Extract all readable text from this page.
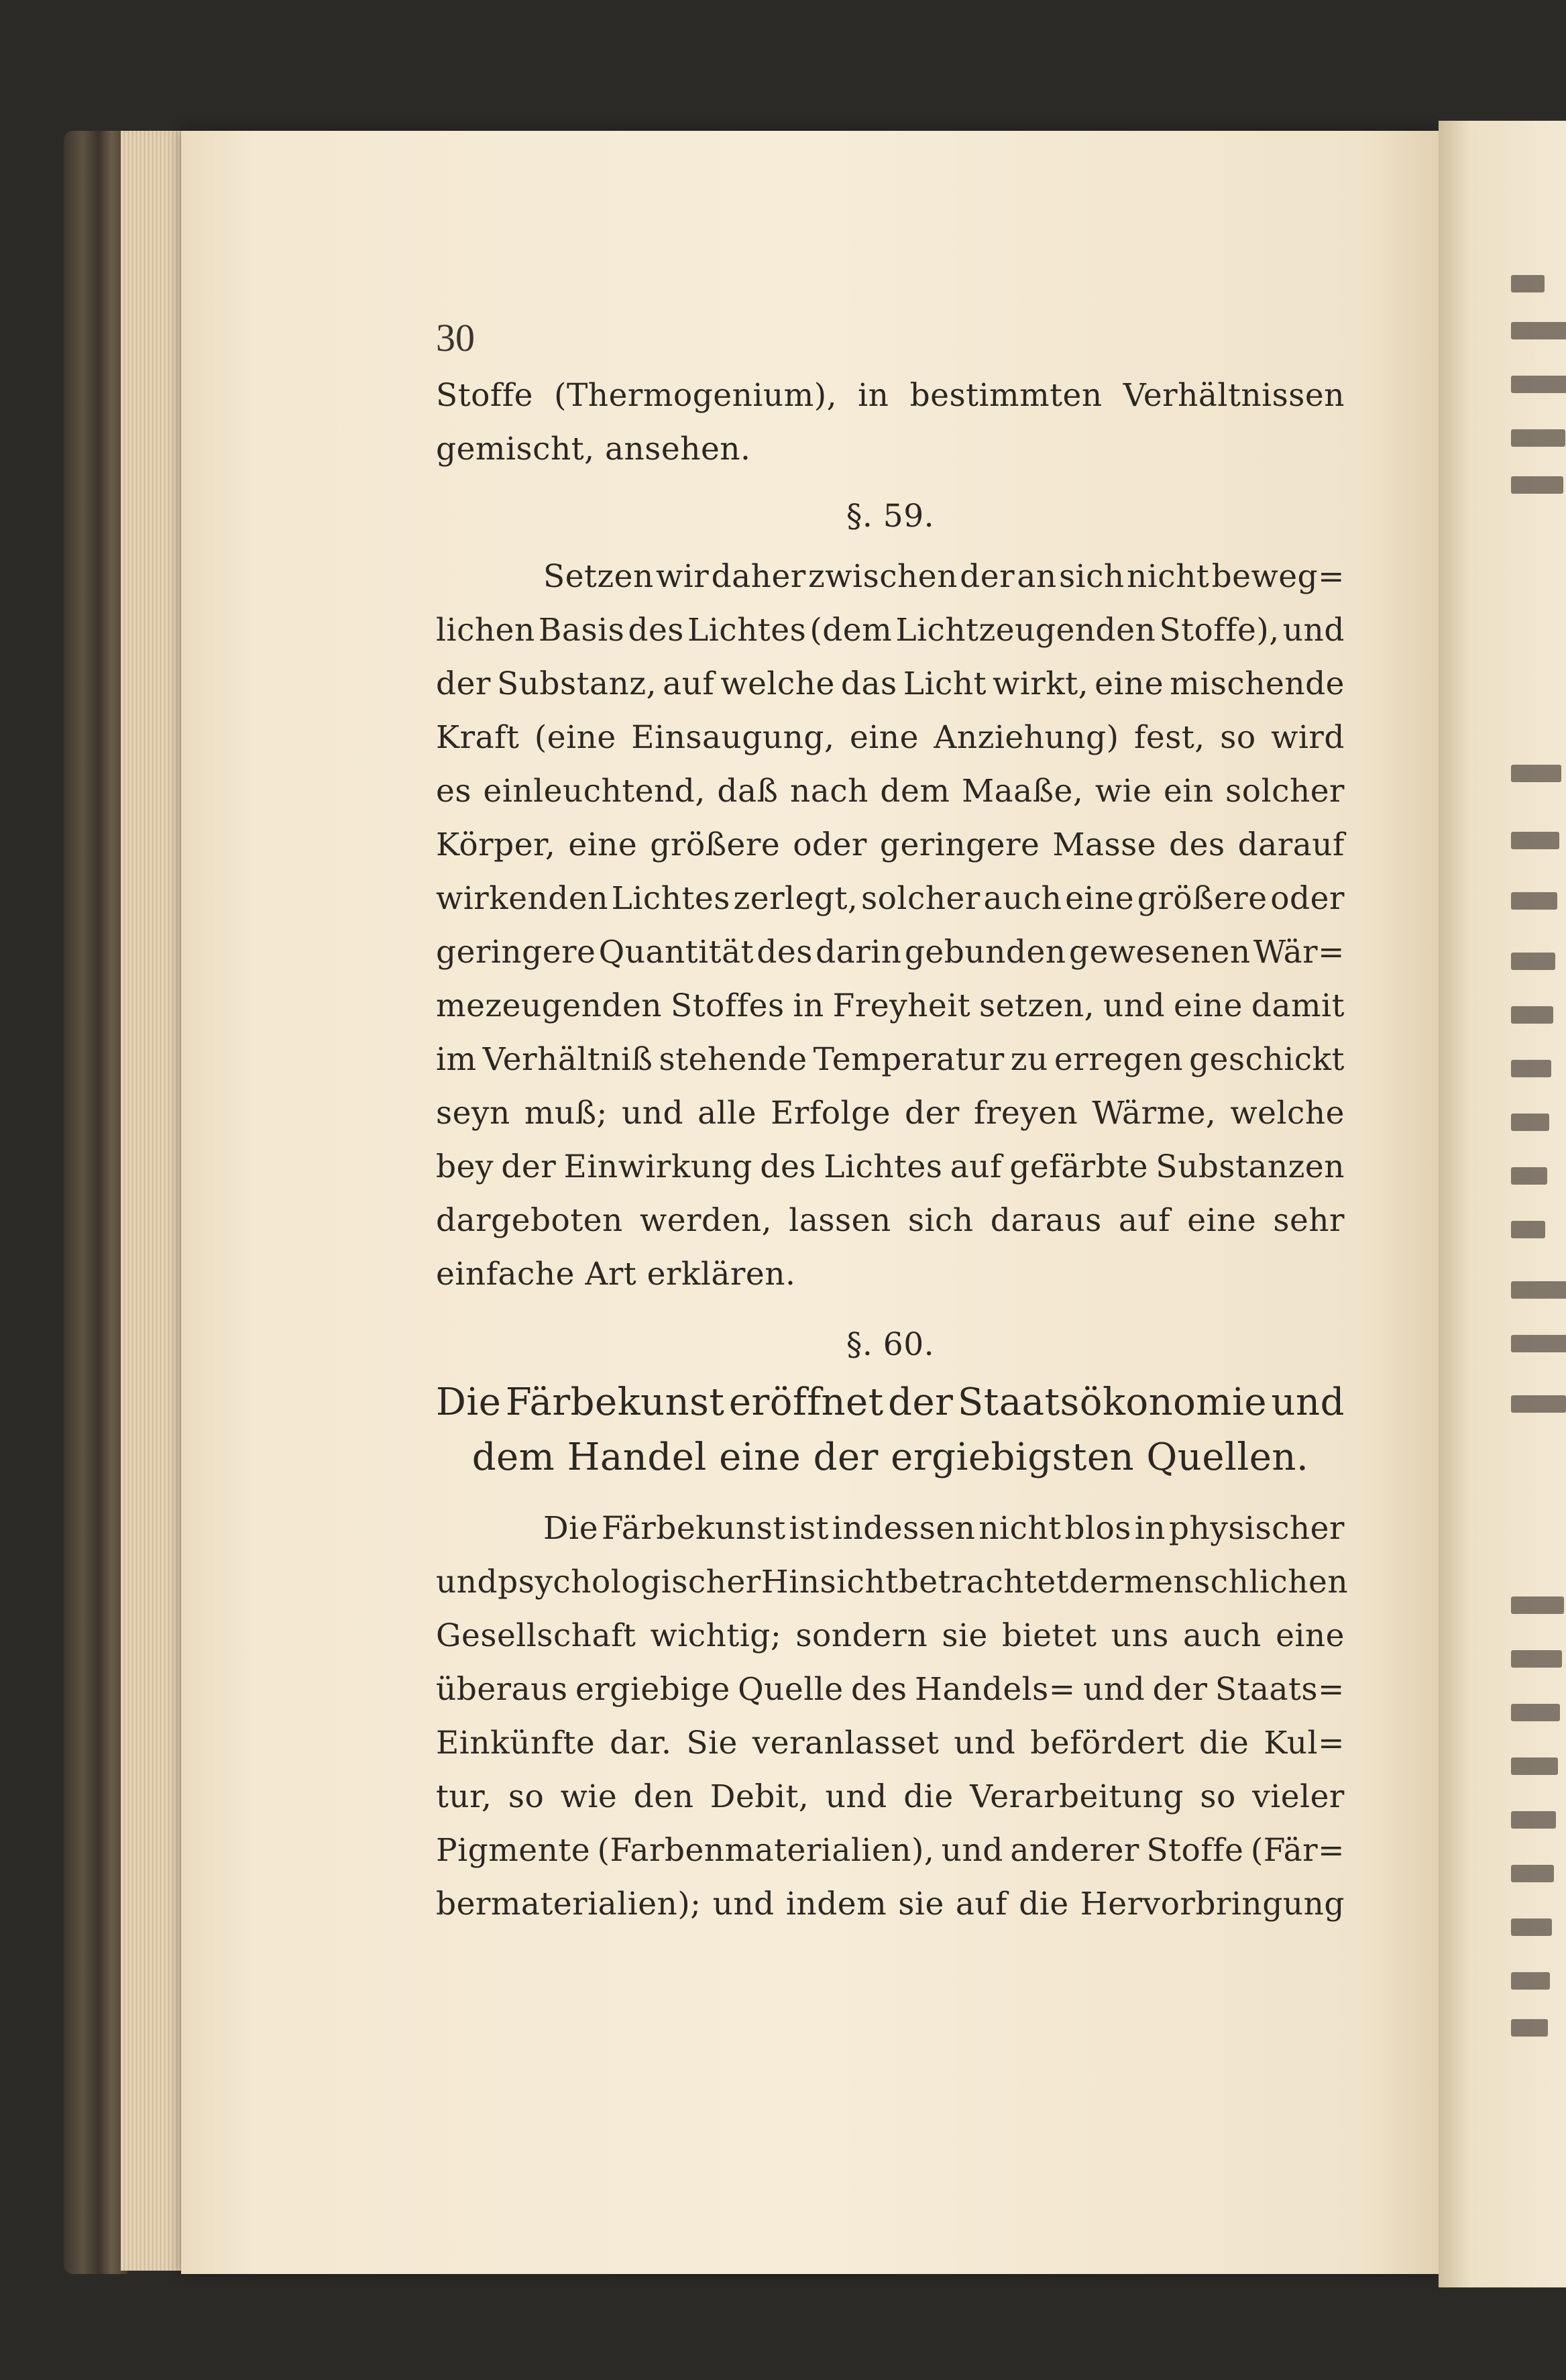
30
Stoffe (Thermogenium), in bestimmten Verhältnissen
gemischt, ansehen.
§. 59.
Setzen wir daher zwischen der an sich nicht beweg=
lichen Basis des Lichtes (dem Lichtzeugenden Stoffe), und
der Substanz, auf welche das Licht wirkt, eine mischende
Kraft (eine Einsaugung, eine Anziehung) fest, so wird
es einleuchtend, daß nach dem Maaße, wie ein solcher
Körper, eine größere oder geringere Masse des darauf
wirkenden Lichtes zerlegt, solcher auch eine größere oder
geringere Quantität des darin gebunden gewesenen Wär=
mezeugenden Stoffes in Freyheit setzen, und eine damit
im Verhältniß stehende Temperatur zu erregen geschickt
seyn muß; und alle Erfolge der freyen Wärme, welche
bey der Einwirkung des Lichtes auf gefärbte Substanzen
dargeboten werden, lassen sich daraus auf eine sehr
einfache Art erklären.
§. 60.
Die Färbekunst eröffnet der Staatsökonomie und
dem Handel eine der ergiebigsten Quellen.
Die Färbekunst ist indessen nicht blos in physischer
und psychologischer Hinsicht betrachtet der menschlichen
Gesellschaft wichtig; sondern sie bietet uns auch eine
überaus ergiebige Quelle des Handels= und der Staats=
Einkünfte dar. Sie veranlasset und befördert die Kul=
tur, so wie den Debit, und die Verarbeitung so vieler
Pigmente (Farbenmaterialien), und anderer Stoffe (Fär=
bermaterialien); und indem sie auf die Hervorbringung
